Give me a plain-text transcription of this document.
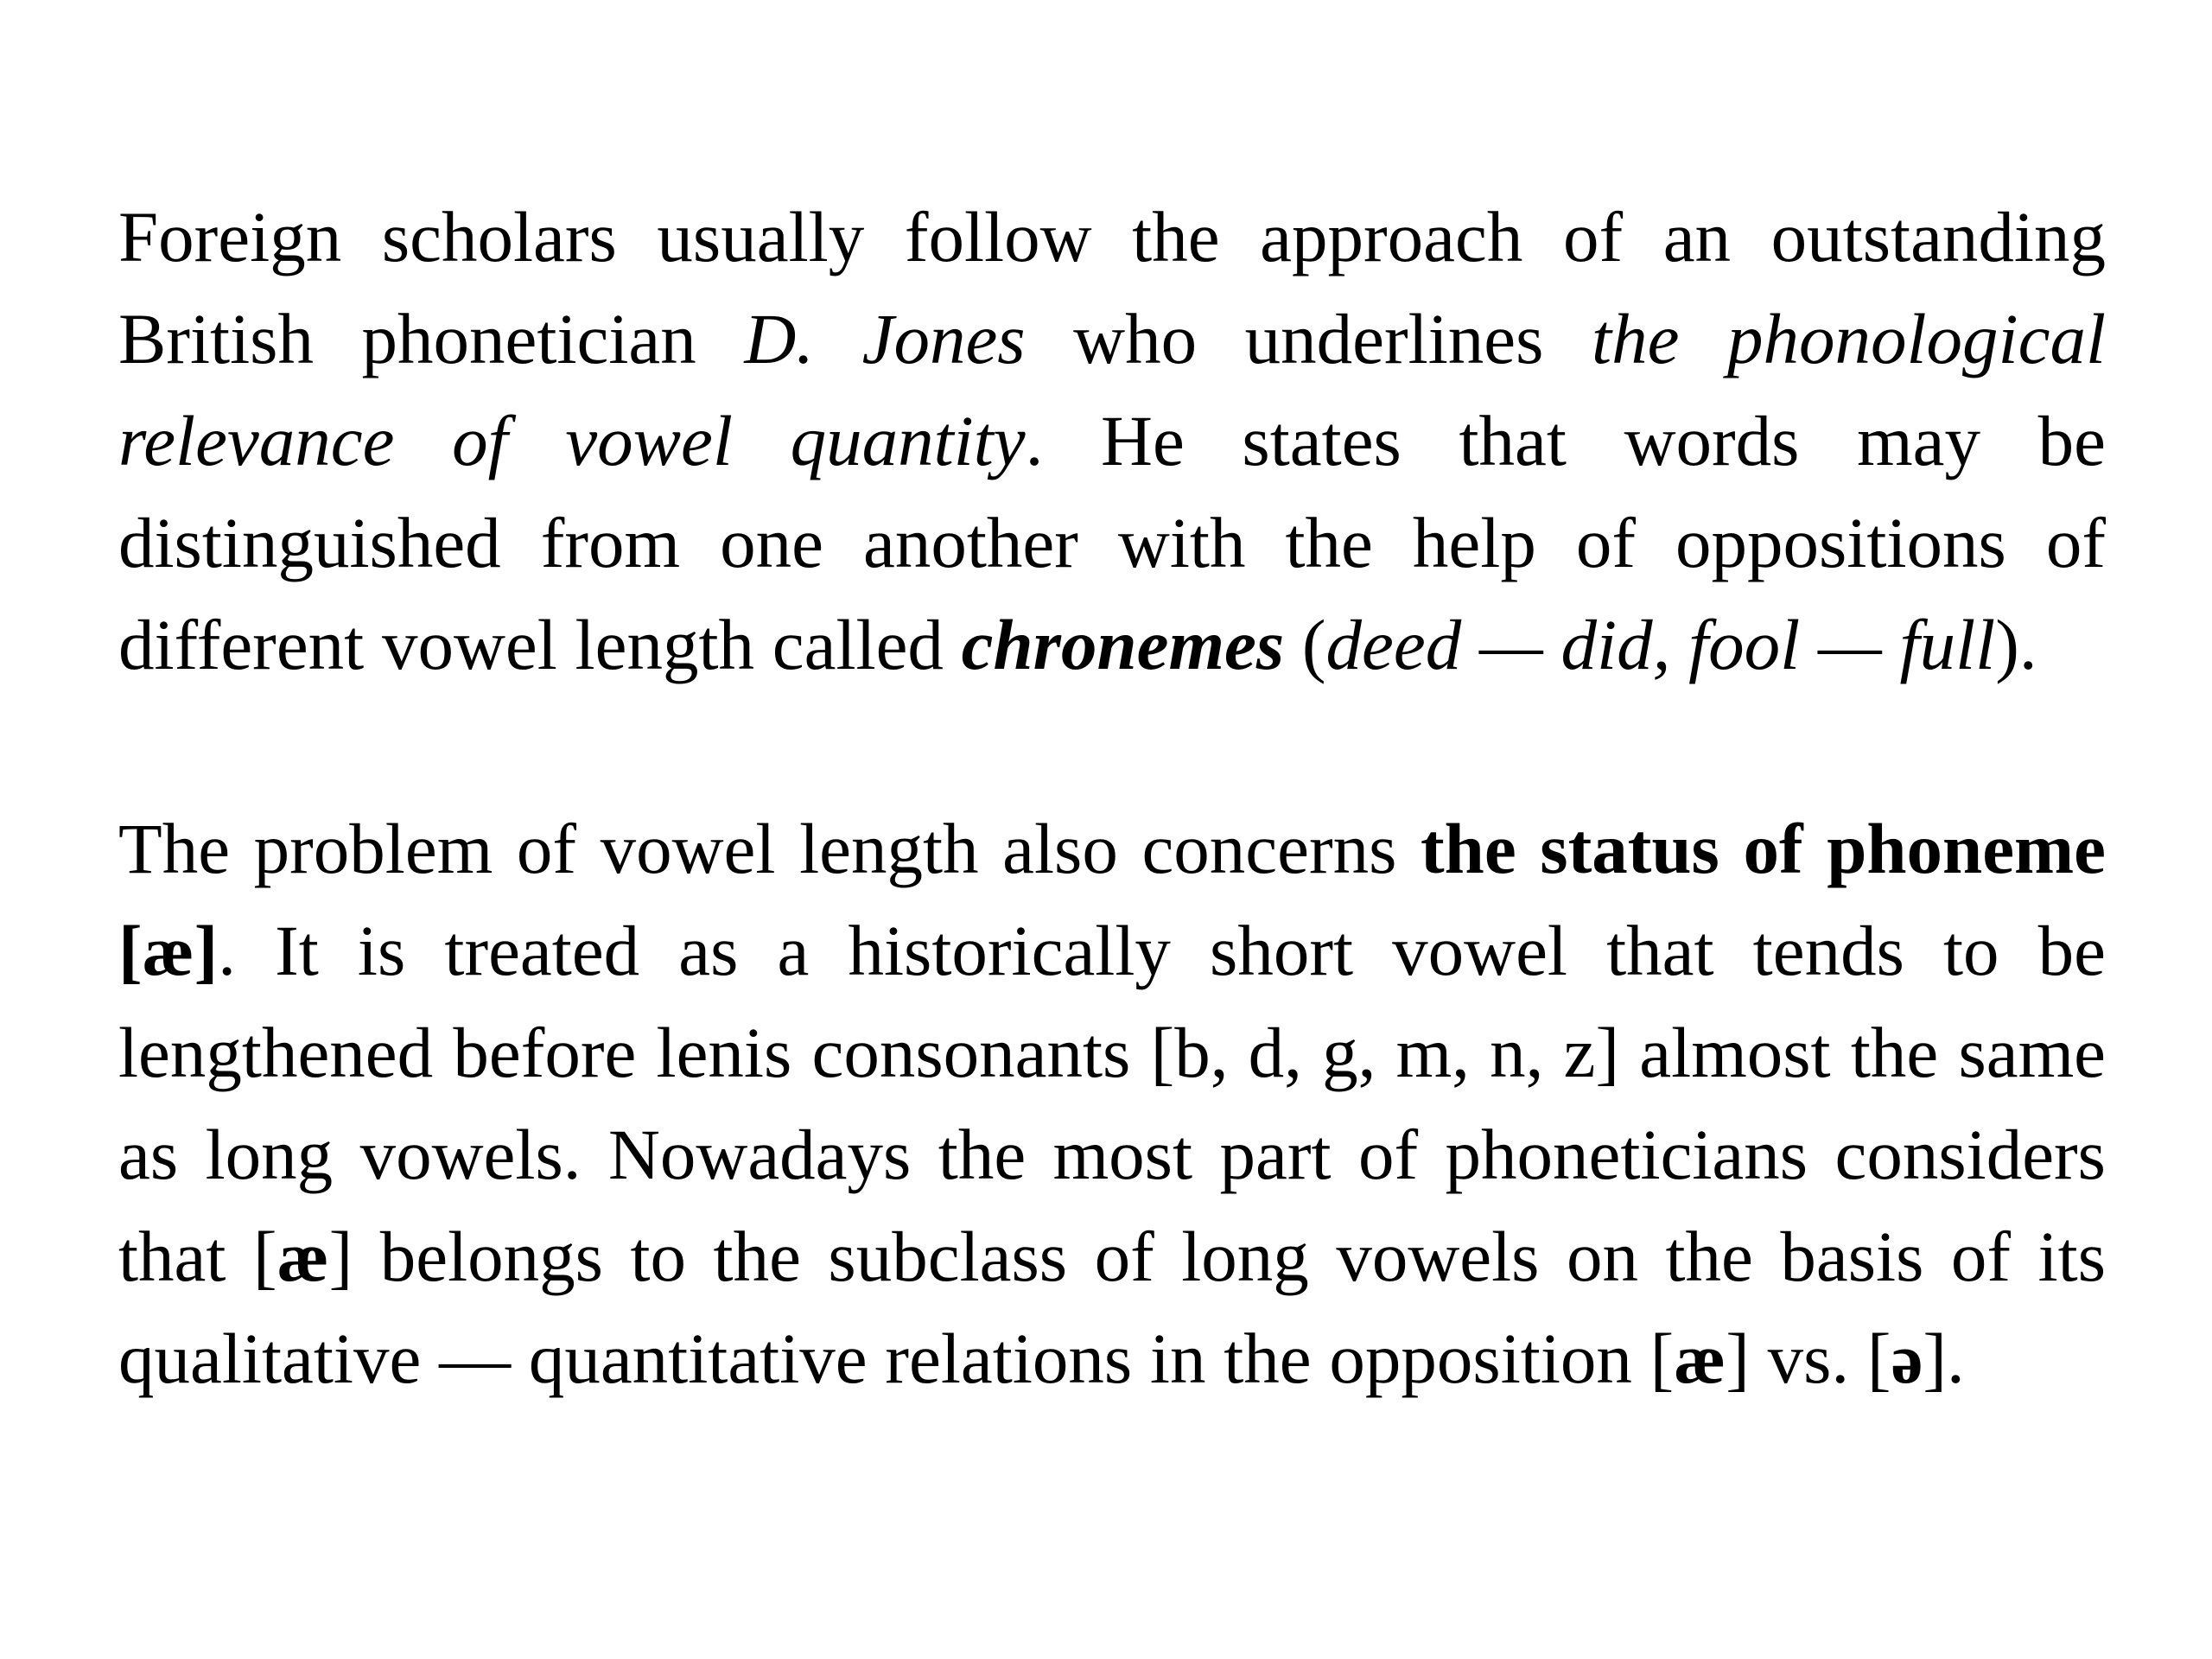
Foreign scholars usually follow the approach of an outstanding British phonetician D. Jones who underlines the phonological relevance of vowel quantity. He states that words may be distinguished from one another with the help of oppositions of different vowel length called chronemes (deed — did, fool — full).

The problem of vowel length also concerns the status of phoneme [æ]. It is treated as a historically short vowel that tends to be lengthened before lenis consonants [b, d, g, m, n, z] almost the same as long vowels. Nowadays the most part of phoneticians considers that [æ] belongs to the subclass of long vowels on the basis of its qualitative — quantitative relations in the opposition [æ] vs. [ə].
